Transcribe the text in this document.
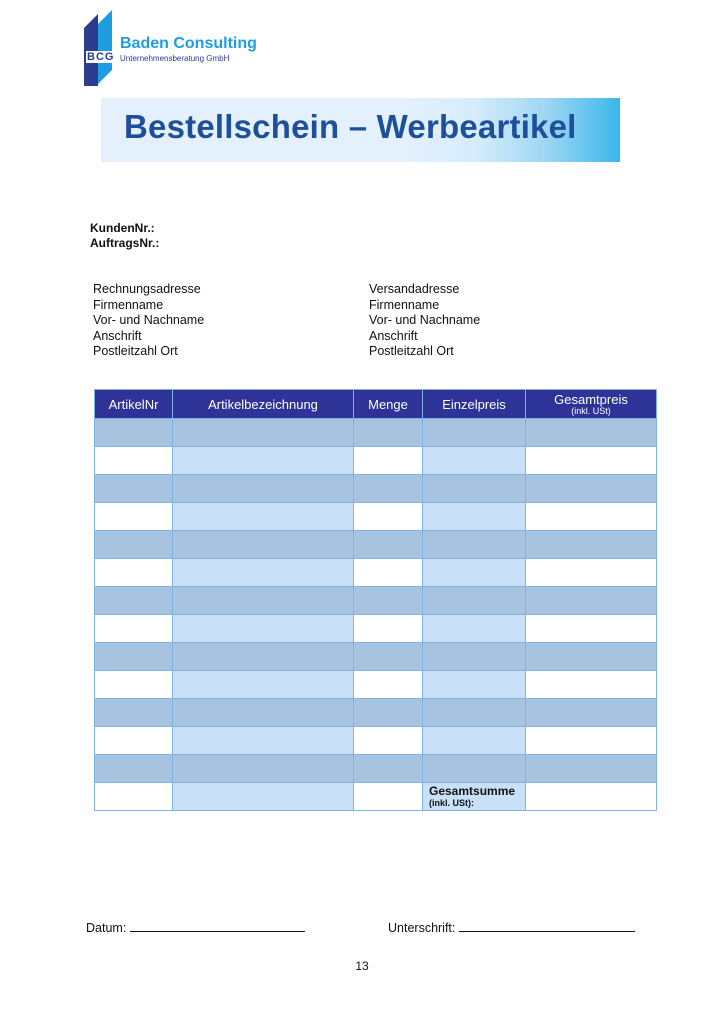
BCG
Baden Consulting
Unternehmensberatung GmbH
Bestellschein – Werbeartikel
KundenNr.:
AuftragsNr.:
Rechnungsadresse
Firmenname
Vor- und Nachname
Anschrift
Postleitzahl Ort
Versandadresse
Firmenname
Vor- und Nachname
Anschrift
Postleitzahl Ort
ArtikelNr	Artikelbezeichnung	Menge	Einzelpreis	Gesamtpreis
(inkl. USt)

			Gesamtsumme
(inkl. USt):	

Datum:	Unterschrift:
13
